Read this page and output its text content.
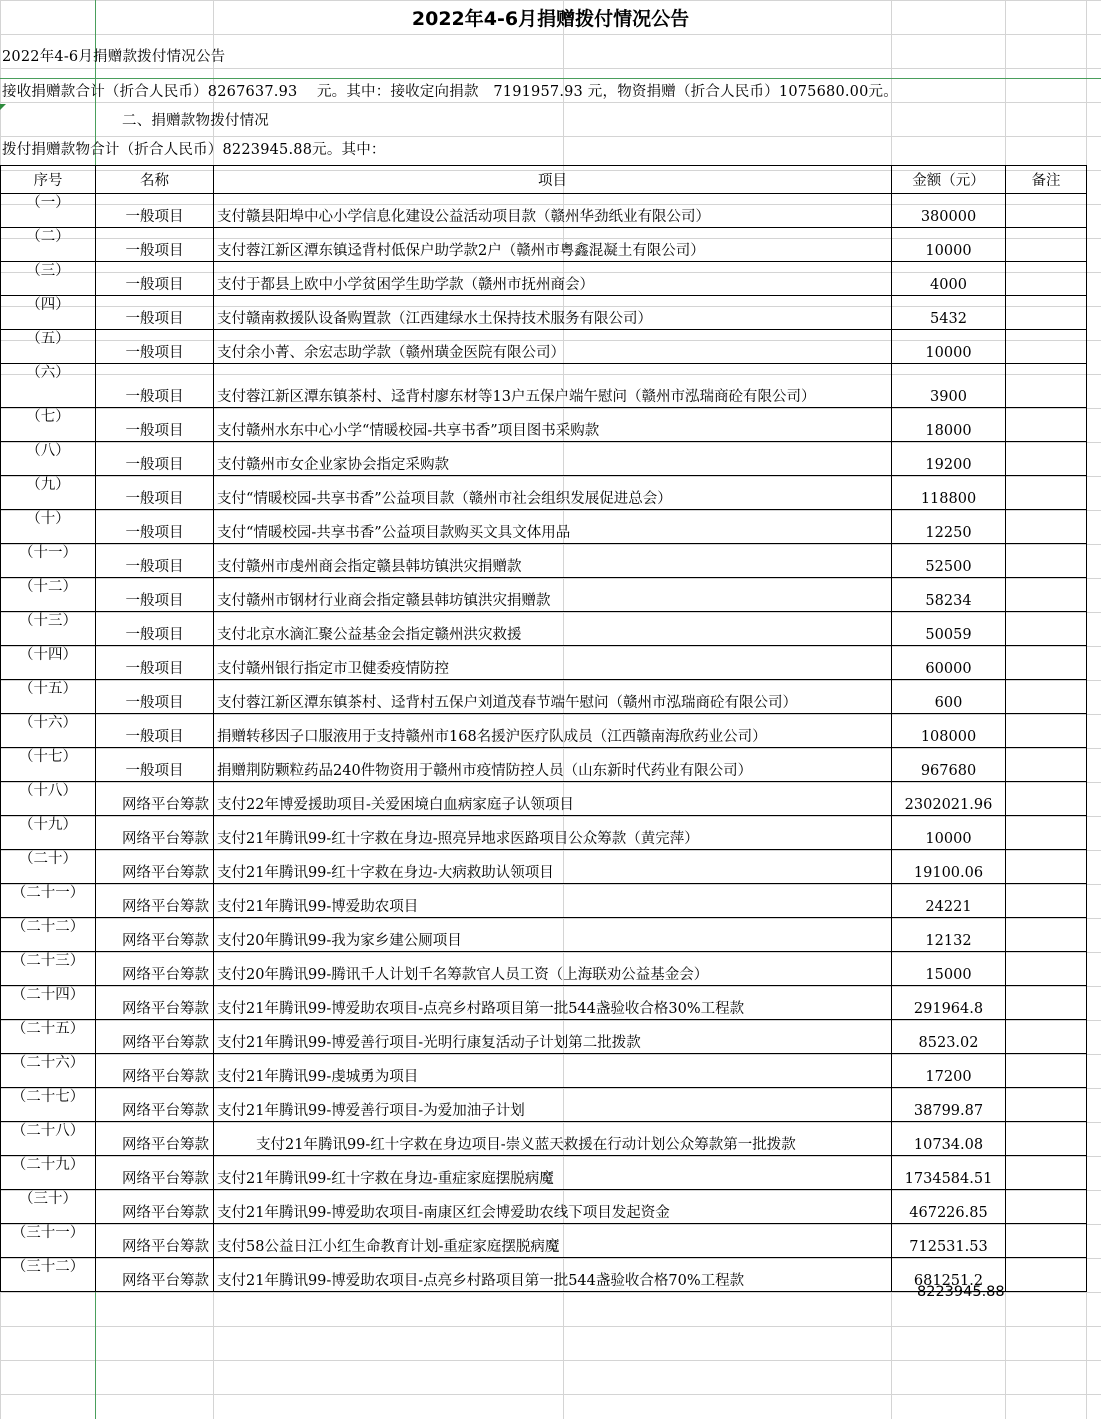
2022年4-6月捐赠拨付情况公告
2022年4-6月捐赠款拨付情况公告
接收捐赠款合计（折合人民币）8267637.93　 元。其中：接收定向捐款　7191957.93 元，物资捐赠（折合人民币）1075680.00元。
二、捐赠款物拨付情况
拨付捐赠款物合计（折合人民币）8223945.88元。其中：
序号	名称	项目	金额（元）	备注
（一）	一般项目	支付赣县阳埠中心小学信息化建设公益活动项目款（赣州华劲纸业有限公司）	380000	
（二）	一般项目	支付蓉江新区潭东镇迳背村低保户助学款2户（赣州市粤鑫混凝土有限公司）	10000	
（三）	一般项目	支付于都县上欧中小学贫困学生助学款（赣州市抚州商会）	4000	
（四）	一般项目	支付赣南救援队设备购置款（江西建绿水土保持技术服务有限公司）	5432	
（五）	一般项目	支付余小菁、余宏志助学款（赣州璜金医院有限公司）	10000	
（六）	一般项目	支付蓉江新区潭东镇茶村、迳背村廖东材等13户五保户端午慰问（赣州市泓瑞商砼有限公司）	3900	
（七）	一般项目	支付赣州水东中心小学“情暖校园-共享书香”项目图书采购款	18000	
（八）	一般项目	支付赣州市女企业家协会指定采购款	19200	
（九）	一般项目	支付“情暖校园-共享书香”公益项目款（赣州市社会组织发展促进总会）	118800	
（十）	一般项目	支付“情暖校园-共享书香”公益项目款购买文具文体用品	12250	
（十一）	一般项目	支付赣州市虔州商会指定赣县韩坊镇洪灾捐赠款	52500	
（十二）	一般项目	支付赣州市钢材行业商会指定赣县韩坊镇洪灾捐赠款	58234	
（十三）	一般项目	支付北京水滴汇聚公益基金会指定赣州洪灾救援	50059	
（十四）	一般项目	支付赣州银行指定市卫健委疫情防控	60000	
（十五）	一般项目	支付蓉江新区潭东镇茶村、迳背村五保户刘道茂春节端午慰问（赣州市泓瑞商砼有限公司）	600	
（十六）	一般项目	捐赠转移因子口服液用于支持赣州市168名援沪医疗队成员（江西赣南海欣药业公司）	108000	
（十七）	一般项目	捐赠荆防颗粒药品240件物资用于赣州市疫情防控人员（山东新时代药业有限公司）	967680	
（十八）	网络平台筹款	支付22年博爱援助项目-关爱困境白血病家庭子认领项目	2302021.96	
（十九）	网络平台筹款	支付21年腾讯99-红十字救在身边-照亮异地求医路项目公众筹款（黄完萍）	10000	
（二十）	网络平台筹款	支付21年腾讯99-红十字救在身边-大病救助认领项目	19100.06	
（二十一）	网络平台筹款	支付21年腾讯99-博爱助农项目	24221	
（二十二）	网络平台筹款	支付20年腾讯99-我为家乡建公厕项目	12132	
（二十三）	网络平台筹款	支付20年腾讯99-腾讯千人计划千名筹款官人员工资（上海联劝公益基金会）	15000	
（二十四）	网络平台筹款	支付21年腾讯99-博爱助农项目-点亮乡村路项目第一批544盏验收合格30%工程款	291964.8	
（二十五）	网络平台筹款	支付21年腾讯99-博爱善行项目-光明行康复活动子计划第二批拨款	8523.02	
（二十六）	网络平台筹款	支付21年腾讯99-虔城勇为项目	17200	
（二十七）	网络平台筹款	支付21年腾讯99-博爱善行项目-为爱加油子计划	38799.87	
（二十八）	网络平台筹款	支付21年腾讯99-红十字救在身边项目-崇义蓝天救援在行动计划公众筹款第一批拨款	10734.08	
（二十九）	网络平台筹款	支付21年腾讯99-红十字救在身边-重症家庭摆脱病魔	1734584.51	
（三十）	网络平台筹款	支付21年腾讯99-博爱助农项目-南康区红会博爱助农线下项目发起资金	467226.85	
（三十一）	网络平台筹款	支付58公益日江小红生命教育计划-重症家庭摆脱病魔	712531.53	
（三十二）	网络平台筹款	支付21年腾讯99-博爱助农项目-点亮乡村路项目第一批544盏验收合格70%工程款	681251.2	
8223945.88
